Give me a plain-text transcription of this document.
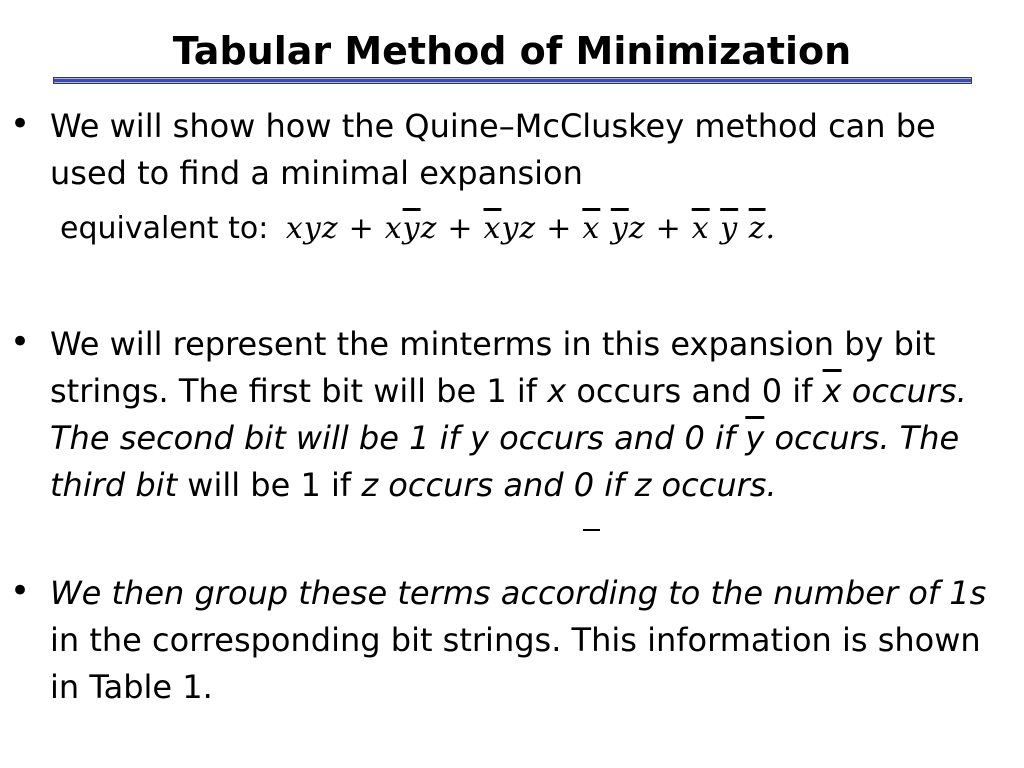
Tabular Method of Minimization
• We will show how the Quine–McCluskey method can be used to find a minimal expansion
equivalent to: xyz + $x\overline{y}z + \overline{x}yz + \overline{x}$ $\overline{y}z + \overline{x}$ $\overline{y}$ $\overline{z}$.
• We will represent the minterms in this expansion by bit strings. The first bit will be 1 if x occurs and 0 if $\overline{x}$ occurs. The second bit will be 1 if y occurs and 0 if $\overline{y}$ occurs. The third bit will be 1 if z occurs and 0 if z occurs.
• We then group these terms according to the number of 1s in the corresponding bit strings. This information is shown in Table 1.
